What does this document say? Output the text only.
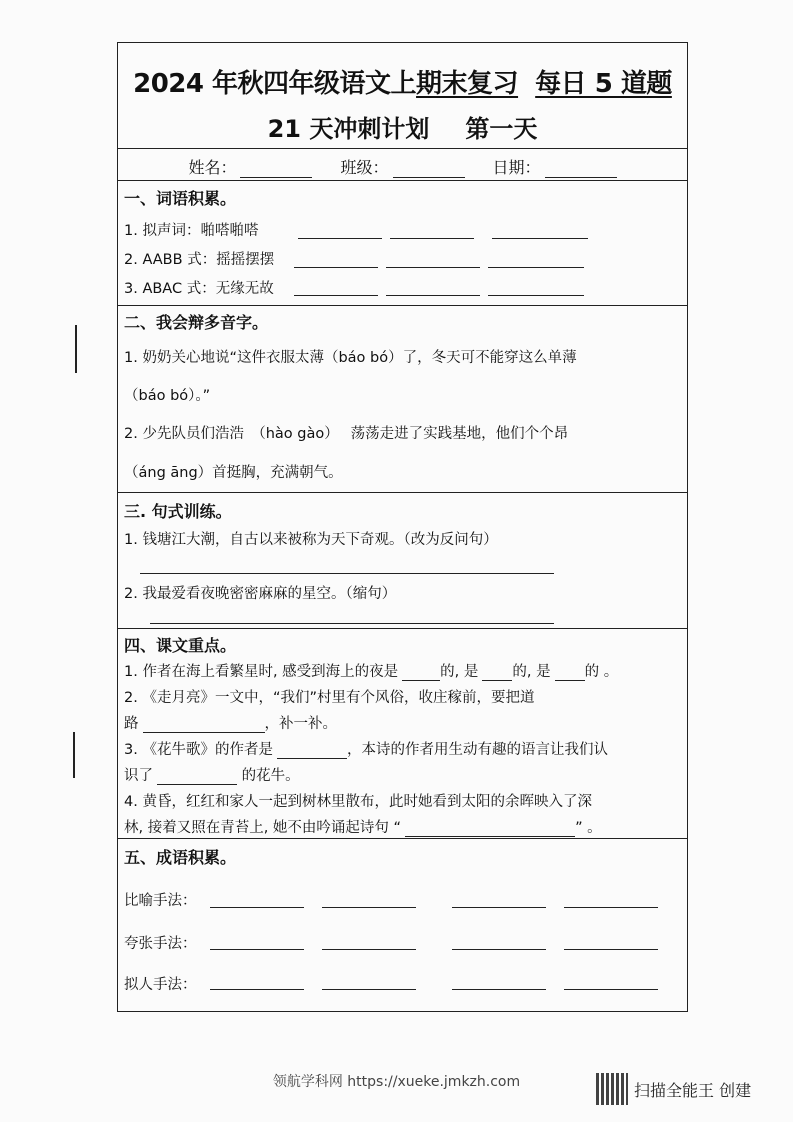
2024 年秋四年级语文上期末复习 每日 5 道题
21 天冲刺计划 第一天
姓名：	班级：	日期：
一、词语积累。
1. 拟声词：啪嗒啪嗒
2. AABB 式：摇摇摆摆
3. ABAC 式：无缘无故
二、我会辩多音字。
1. 奶奶关心地说“这件衣服太薄（báo bó）了，冬天可不能穿这么单薄
（báo bó）。”
2. 少先队员们浩浩　（hào gào）　 荡荡走进了实践基地，他们个个昂
（áng āng）首挺胸，充满朝气。
三. 句式训练。
1. 钱塘江大潮，自古以来被称为天下奇观。（改为反问句）
2. 我最爱看夜晚密密麻麻的星空。（缩句）
四、课文重点。
1. 作者在海上看繁星时, 感受到海上的夜是	的, 是 的, 是 的 。
2. 《走月亮》一文中，“我们”村里有个风俗，收庄稼前，要把道
路	，补一补。
3. 《花牛歌》的作者是	，本诗的作者用生动有趣的语言让我们认
识了	的花牛。
4. 黄昏，红红和家人一起到树林里散布，此时她看到太阳的余晖映入了深
林, 接着又照在青苔上, 她不由吟诵起诗句 “	” 。
五、成语积累。
比喻手法：
夸张手法：
拟人手法：
领航学科网 https://xueke.jmkzh.com	扫描全能王 创建
